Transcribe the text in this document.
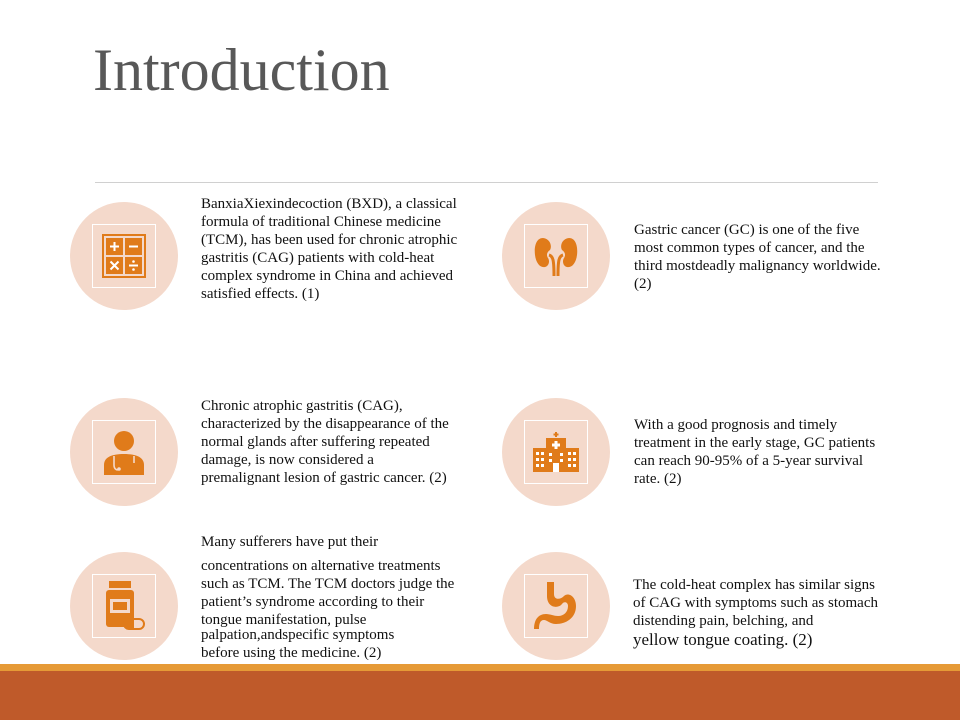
Introduction

BanxiaXiexindecoction (BXD), a classical formula of traditional Chinese medicine (TCM), has been used for chronic atrophic gastritis (CAG) patients with cold-heat complex syndrome in China and achieved satisfied effects. (1)

Gastric cancer (GC) is one of the five most common types of cancer, and the third mostdeadly malignancy worldwide. (2)

Chronic atrophic gastritis (CAG), characterized by the disappearance of the normal glands after suffering repeated damage, is now considered a premalignant lesion of gastric cancer. (2)

With a good prognosis and timely treatment in the early stage, GC patients can reach 90-95% of a 5-year survival rate. (2)

Many sufferers have put their

concentrations on alternative treatments such as TCM. The TCM doctors judge the patient’s syndrome according to their tongue manifestation, pulse

palpation,andspecific symptoms

before using the medicine. (2)

The cold-heat complex has similar signs of CAG with symptoms such as stomach distending pain, belching, and

yellow tongue coating. (2)
